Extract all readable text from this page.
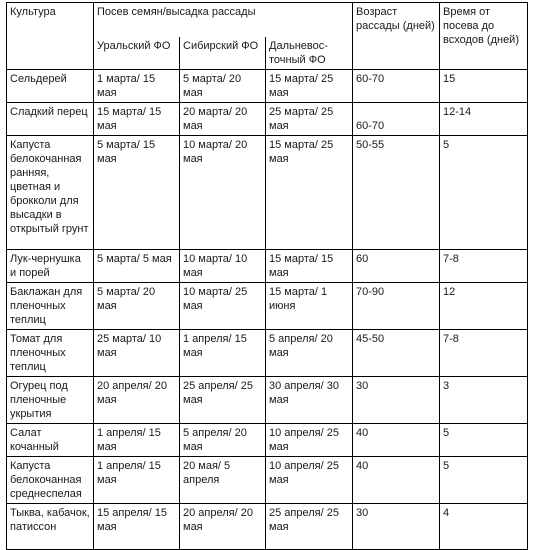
Культура	Посев семян/высадка рассады			Возраст рассады (дней)	Время от посева до всходов (дней)
	Уральский ФО	Сибирский ФО	Дальневос-точный ФО		
Сельдерей	1 марта/ 15 мая	5 марта/ 20 мая	15 марта/ 25 мая	60-70	15
Сладкий перец	15 марта/ 15 мая	20 марта/ 20 мая	25 марта/ 25 мая	60-70	12-14
Капуста белокочанная ранняя, цветная и брокколи для высадки в открытый грунт	5 марта/ 15 мая	10 марта/ 20 мая	15 марта/ 25 мая	50-55	5
Лук-чернушка и порей	5 марта/ 5 мая	10 марта/ 10 мая	15 марта/ 15 мая	60	7-8
Баклажан для пленочных теплиц	5 марта/ 20 мая	10 марта/ 25 мая	15 марта/ 1 июня	70-90	12
Томат для пленочных теплиц	25 марта/ 10 мая	1 апреля/ 15 мая	5 апреля/ 20 мая	45-50	7-8
Огурец под пленочные укрытия	20 апреля/ 20 мая	25 апреля/ 25 мая	30 апреля/ 30 мая	30	3
Салат кочанный	1 апреля/ 15 мая	5 апреля/ 20 мая	10 апреля/ 25 мая	40	5
Капуста белокочанная среднеспелая	1 апреля/ 15 мая	20 мая/ 5 апреля	10 апреля/ 25 мая	40	5
Тыква, кабачок, патиссон	15 апреля/ 15 мая	20 апреля/ 20 мая	25 апреля/ 25 мая	30	4
